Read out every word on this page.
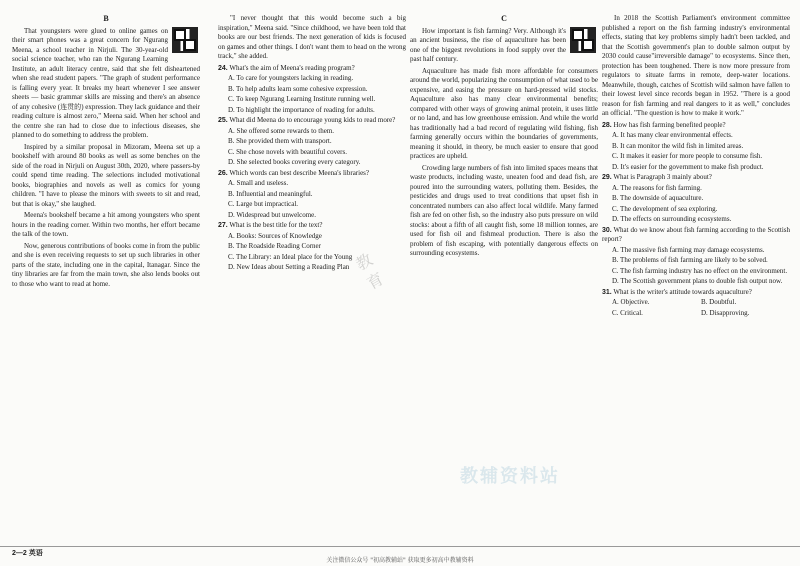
B

That youngsters were glued to online games on their smart phones was a great concern for Ngurang Meena, a school teacher in Nirjuli. The 30-year-old social science teacher, who ran the Ngurang Learning Institute, an adult literacy centre, said that she felt disheartened when she read student papers. "The graph of student performance is falling every year. It breaks my heart whenever I see answer sheets — basic grammar skills are missing and there's an absence of any cohesive (连贯的) expression. They lack guidance and their reading culture is almost zero," Meena said. When her school and the centre she ran had to close due to infectious diseases, she planned to do something to address the problem.

Inspired by a similar proposal in Mizoram, Meena set up a bookshelf with around 80 books as well as some benches on the side of the road in Nirjuli on August 30th, 2020, where passers-by could spend time reading. The selections included motivational books, biographies and novels as well as comics for young children. "I have to please the minors with sweets to sit and read, but that is okay," she laughed.

Meena's bookshelf became a hit among youngsters who spent hours in the reading corner. Within two months, her effort became the talk of the town.

Now, generous contributions of books come in from the public and she is even receiving requests to set up such libraries in other parts of the state, including one in the capital, Itanagar. Since the tiny libraries are far from the main town, she also lends books out to those who want to read at home.

"I never thought that this would become such a big inspiration," Meena said. "Since childhood, we have been told that books are our best friends. The next generation of kids is focused on games and other things. I don't want them to head on the wrong track," she added.

24. What's the aim of Meena's reading program?
A. To care for youngsters lacking in reading.
B. To help adults learn some cohesive expression.
C. To keep Ngurang Learning Institute running well.
D. To highlight the importance of reading for adults.
25. What did Meena do to encourage young kids to read more?
A. She offered some rewards to them.
B. She provided them with transport.
C. She chose novels with beautiful covers.
D. She selected books covering every category.
26. Which words can best describe Meena's libraries?
A. Small and useless.
B. Influential and meaningful.
C. Large but impractical.
D. Widespread but unwelcome.
27. What is the best title for the text?
A. Books: Sources of Knowledge
B. The Roadside Reading Corner
C. The Library: an Ideal place for the Young
D. New Ideas about Setting a Reading Plan
C

How important is fish farming? Very. Although it's an ancient business, the rise of aquaculture has been one of the biggest revolutions in food supply over the past half century.

Aquaculture has made fish more affordable for consumers around the world, popularizing the consumption of what used to be expensive, and easing the pressure on hard-pressed wild stocks. Aquaculture also has many clear environmental benefits; compared with other ways of growing animal protein, it uses little or no land, and has low greenhouse emission. And while the world has traditionally had a bad record of regulating wild fishing, fish farming generally occurs within the boundaries of governments, meaning it should, in theory, be much easier to ensure that good practices are upheld.

Crowding large numbers of fish into limited spaces means that waste products, including waste, uneaten food and dead fish, are poured into the surrounding waters, polluting them. Besides, the pesticides and drugs used to treat conditions that upset fish in concentrated numbers can also affect local wildlife. Many farmed fish are fed on other fish, so the industry also puts pressure on wild stocks: about a fifth of all caught fish, some 18 million tonnes, are used for fish oil and fishmeal production. There is also the problem of fish escaping, with potentially dangerous effects on surrounding ecosystems.

In 2018 the Scottish Parliament's environment committee published a report on the fish farming industry's environmental effects, stating that key problems simply hadn't been tackled, and that the Scottish government's plan to double salmon output by 2030 could cause"irreversible damage" to ecosystems. Since then, protection has been toughened. There is now more pressure from regulators to situate farms in remote, deep-water locations. Meanwhile, though, catches of Scottish wild salmon have fallen to their lowest level since records began in 1952. "There is a good reason for fish farming and real dangers to it as well," concludes an official. "The question is how to make it work."

28. How has fish farming benefited people?
A. It has many clear environmental effects.
B. It can monitor the wild fish in limited areas.
C. It makes it easier for more people to consume fish.
D. It's easier for the government to make fish product.
29. What is Paragraph 3 mainly about?
A. The reasons for fish farming.
B. The downside of aquaculture.
C. The development of sea exploring.
D. The effects on surrounding ecosystems.
30. What do we know about fish farming according to the Scottish report?
A. The massive fish farming may damage ecosystems.
B. The problems of fish farming are likely to be solved.
C. The fish farming industry has no effect on the environment.
D. The Scottish government plans to double fish output now.
31. What is the writer's attitude towards aquaculture?
A. Objective.	B. Doubtful.
C. Critical.	D. Disapproving.
教
育
教辅资料站
2—2 英语
关注微信公众号 "初高教辅站" 获取更多初高中教辅资料
